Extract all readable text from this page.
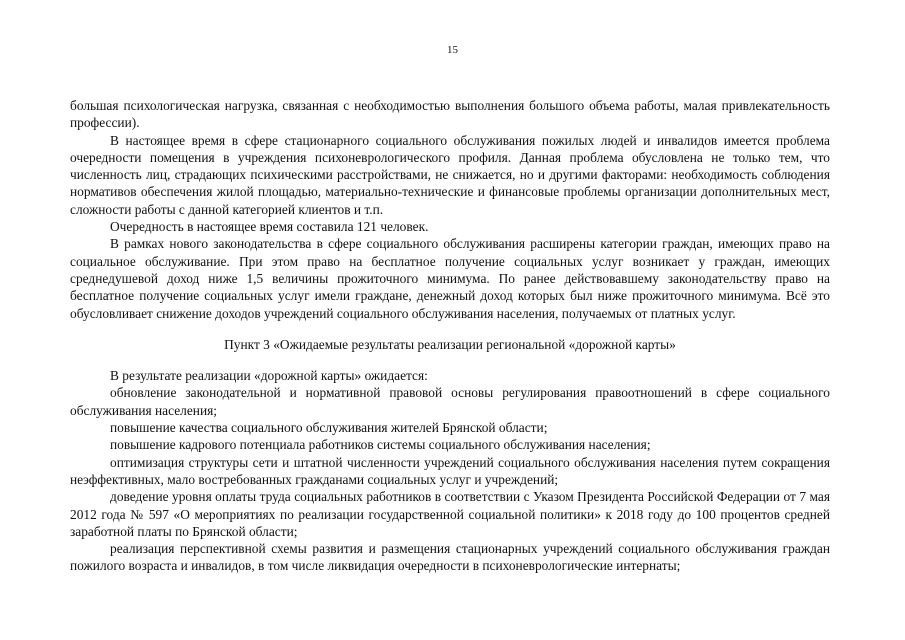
15

большая психологическая нагрузка, связанная с необходимостью выполнения большого объема работы, малая привлекательность профессии).

В настоящее время в сфере стационарного социального обслуживания пожилых людей и инвалидов имеется проблема очередности помещения в учреждения психоневрологического профиля. Данная проблема обусловлена не только тем, что численность лиц, страдающих психическими расстройствами, не снижается, но и другими факторами: необходимость соблюдения нормативов обеспечения жилой площадью, материально-технические и финансовые проблемы организации дополнительных мест, сложности работы с данной категорией клиентов и т.п.

Очередность в настоящее время составила 121 человек.

В рамках нового законодательства в сфере социального обслуживания расширены категории граждан, имеющих право на социальное обслуживание. При этом право на бесплатное получение социальных услуг возникает у граждан, имеющих среднедушевой доход ниже 1,5 величины прожиточного минимума. По ранее действовавшему законодательству право на бесплатное получение социальных услуг имели граждане, денежный доход которых был ниже прожиточного минимума. Всё это обусловливает снижение доходов учреждений социального обслуживания населения, получаемых от платных услуг.

Пункт 3 «Ожидаемые результаты реализации региональной «дорожной карты»

В результате реализации «дорожной карты» ожидается:

обновление законодательной и нормативной правовой основы регулирования правоотношений в сфере социального обслуживания населения;

повышение качества социального обслуживания жителей Брянской области;

повышение кадрового потенциала работников системы социального обслуживания населения;

оптимизация структуры сети и штатной численности учреждений социального обслуживания населения путем сокращения неэффективных, мало востребованных гражданами социальных услуг и учреждений;

доведение уровня оплаты труда социальных работников в соответствии с Указом Президента Российской Федерации от 7 мая 2012 года № 597 «О мероприятиях по реализации государственной социальной политики» к 2018 году до 100 процентов средней заработной платы по Брянской области;

реализация перспективной схемы развития и размещения стационарных учреждений социального обслуживания граждан пожилого возраста и инвалидов, в том числе ликвидация очередности в психоневрологические интернаты;
